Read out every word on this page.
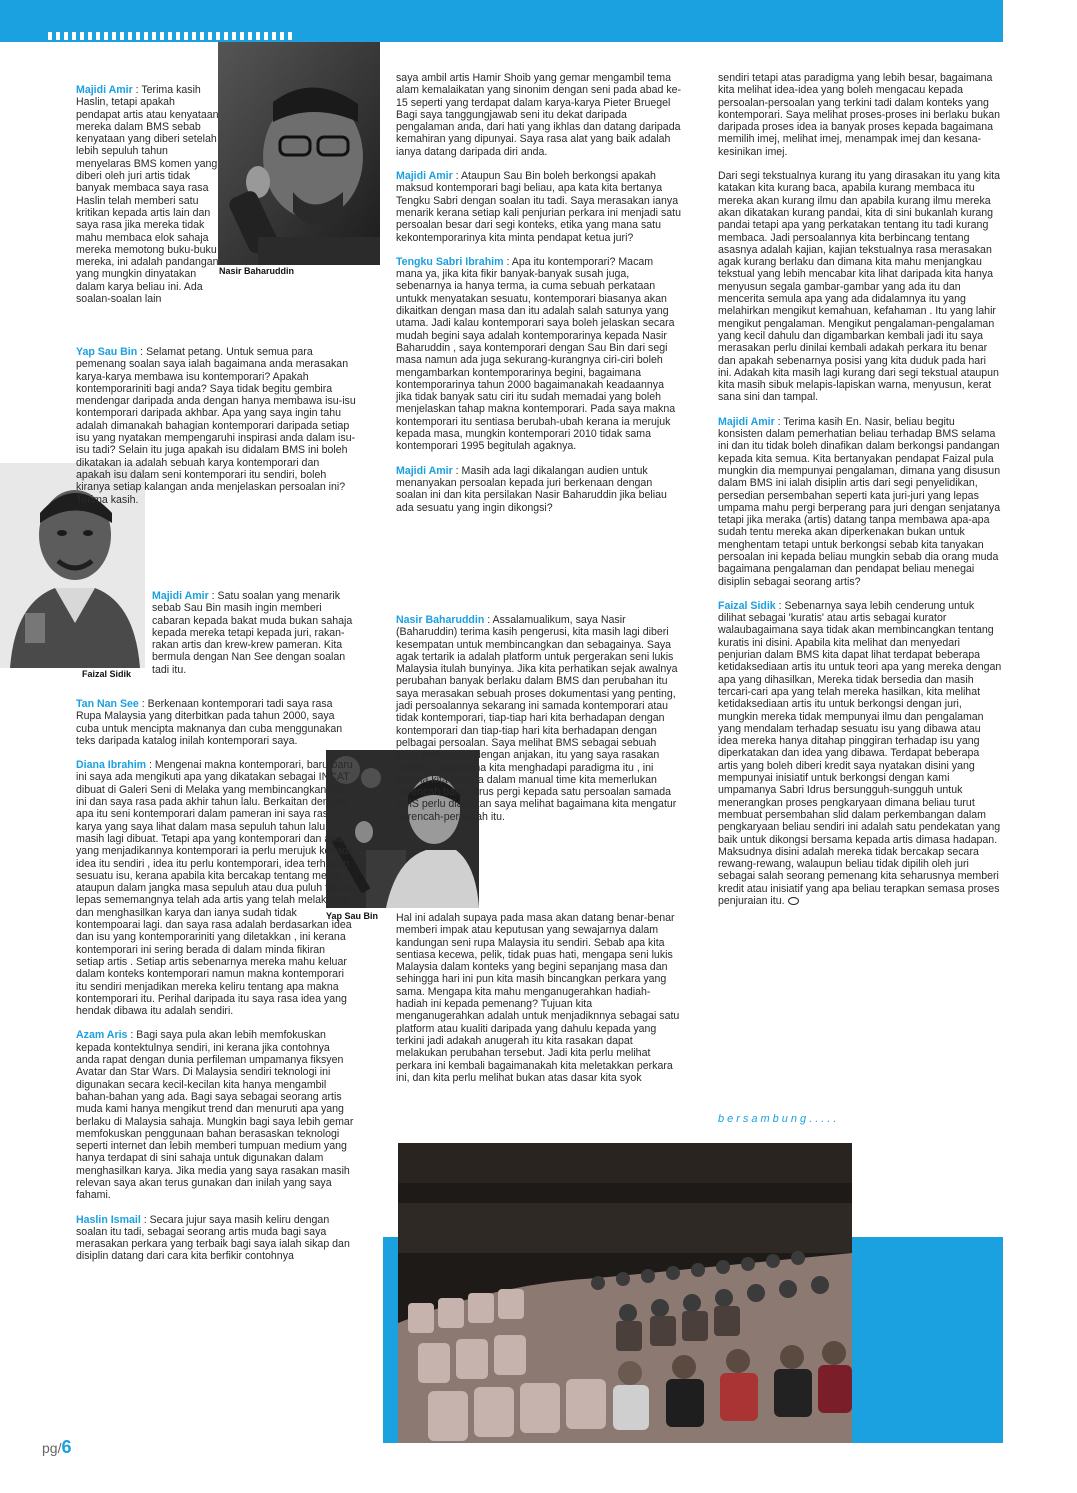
Nasir Baharuddin
Faizal Sidik
Yap Sau Bin

Majidi Amir : Terima kasih Haslin, tetapi apakah pendapat artis atau kenyataan mereka dalam BMS sebab kenyataan yang diberi setelah lebih sepuluh tahun menyelaras BMS komen yang diberi oleh juri artis tidak banyak membaca saya rasa Haslin telah memberi satu kritikan kepada artis lain dan saya rasa jika mereka tidak mahu membaca elok sahaja mereka memotong buku-buku mereka, ini adalah pandangan yang mungkin dinyatakan dalam karya beliau ini. Ada soalan-soalan lain

Yap Sau Bin : Selamat petang. Untuk semua para pemenang soalan saya ialah bagaimana anda merasakan karya-karya membawa isu kontemporari? Apakah kontemporariniti bagi anda? Saya tidak begitu gembira mendengar daripada anda dengan hanya membawa isu-isu kontemporari daripada akhbar. Apa yang saya ingin tahu adalah dimanakah bahagian kontemporari daripada setiap isu yang nyatakan mempengaruhi inspirasi anda dalam isu-isu tadi? Selain itu juga apakah isu didalam BMS ini boleh dikatakan ia adalah sebuah karya kontemporari dan apakah isu dalam seni kontemporari itu sendiri, boleh kiranya setiap kalangan anda menjelaskan persoalan ini? Terima kasih.

Majidi Amir : Satu soalan yang menarik sebab Sau Bin masih ingin memberi cabaran kepada bakat muda bukan sahaja kepada mereka tetapi kepada juri, rakan-rakan artis dan krew-krew pameran. Kita bermula dengan Nan See dengan soalan tadi itu.

Tan Nan See : Berkenaan kontemporari tadi saya rasa Rupa Malaysia yang diterbitkan pada tahun 2000, saya cuba untuk mencipta maknanya dan cuba menggunakan teks daripada katalog inilah kontemporari saya.

Diana Ibrahim : Mengenai makna kontemporari, baru-baru ini saya ada mengikuti apa yang dikatakan sebagai INCAT dibuat di Galeri Seni di Melaka yang membincangkan hal ini dan saya rasa pada akhir tahun lalu. Berkaitan dengan apa itu seni kontemporari dalam pameran ini saya rasa karya yang saya lihat dalam masa sepuluh tahun lalu masih lagi dibuat. Tetapi apa yang kontemporari dan apa yang menjadikannya kontemporari ia perlu merujuk kepada idea itu sendiri , idea itu perlu kontemporari, idea terhadap sesuatu isu, kerana apabila kita bercakap tentang media ataupun dalam jangka masa sepuluh atau dua puluh tahun lepas sememangnya telah ada artis yang telah melakukan dan menghasilkan karya dan ianya sudah tidak kontempoarai lagi. dan saya rasa adalah berdasarkan idea dan isu yang kontemporariniti yang diletakkan , ini kerana kontemporari ini sering berada di dalam minda fikiran setiap artis . Setiap artis sebenarnya mereka mahu keluar dalam konteks kontemporari namun makna kontemporari itu sendiri menjadikan mereka keliru tentang apa makna kontemporari itu. Perihal daripada itu saya rasa idea yang hendak dibawa itu adalah sendiri.

Azam Aris : Bagi saya pula akan lebih memfokuskan kepada kontektulnya sendiri, ini kerana jika contohnya anda rapat dengan dunia perfileman umpamanya fiksyen Avatar dan Star Wars. Di Malaysia sendiri teknologi ini digunakan secara kecil-kecilan kita hanya mengambil bahan-bahan yang ada. Bagi saya sebagai seorang artis muda kami hanya mengikut trend dan menuruti apa yang berlaku di Malaysia sahaja. Mungkin bagi saya lebih gemar memfokuskan penggunaan bahan berasaskan teknologi seperti internet dan lebih memberi tumpuan medium yang hanya terdapat di sini sahaja untuk digunakan dalam menghasilkan karya. Jika media yang saya rasakan masih relevan saya akan terus gunakan dan inilah yang saya fahami.

Haslin Ismail : Secara jujur saya masih keliru dengan soalan itu tadi, sebagai seorang artis muda bagi saya merasakan perkara yang terbaik bagi saya ialah sikap dan disiplin datang dari cara kita berfikir contohnya

saya ambil artis Hamir Shoib yang gemar mengambil tema alam kemalaikatan yang sinonim dengan seni pada abad ke-15 seperti yang terdapat dalam karya-karya Pieter Bruegel Bagi saya tanggungjawab seni itu dekat daripada pengalaman anda, dari hati yang ikhlas dan datang daripada kemahiran yang dipunyai. Saya rasa alat yang baik adalah ianya datang daripada diri anda.

Majidi Amir : Ataupun Sau Bin boleh berkongsi apakah maksud kontemporari bagi beliau, apa kata kita bertanya Tengku Sabri dengan soalan itu tadi. Saya merasakan ianya menarik kerana setiap kali penjurian perkara ini menjadi satu persoalan besar dari segi konteks, etika yang mana satu kekontemporarinya kita minta pendapat ketua juri?

Tengku Sabri Ibrahim : Apa itu kontemporari? Macam mana ya, jika kita fikir banyak-banyak susah juga, sebenarnya ia hanya terma, ia cuma sebuah perkataan untukk menyatakan sesuatu, kontemporari biasanya akan dikaitkan dengan masa dan itu adalah salah satunya yang utama. Jadi kalau kontemporari saya boleh jelaskan secara mudah begini saya adalah kontemporarinya kepada Nasir Baharuddin , saya kontemporari dengan Sau Bin dari segi masa namun ada juga sekurang-kurangnya ciri-ciri boleh mengambarkan kontemporarinya begini, bagaimana kontemporarinya tahun 2000 bagaimanakah keadaannya jika tidak banyak satu ciri itu sudah memadai yang boleh menjelaskan tahap makna kontemporari. Pada saya makna kontemporari itu sentiasa berubah-ubah kerana ia merujuk kepada masa, mungkin kontemporari 2010 tidak sama kontemporari 1995 begitulah agaknya.

Majidi Amir : Masih ada lagi dikalangan audien untuk menanyakan persoalan kepada juri berkenaan dengan soalan ini dan kita persilakan Nasir Baharuddin jika beliau ada sesuatu yang ingin dikongsi?

Nasir Baharuddin : Assalamualikum, saya Nasir (Baharuddin) terima kasih pengerusi, kita masih lagi diberi kesempatan untuk membincangkan dan sebagainya. Saya agak tertarik ia adalah platform untuk pergerakan seni lukis Malaysia itulah bunyinya. Jika kita perhatikan sejak awalnya perubahan banyak berlaku dalam BMS dan perubahan itu saya merasakan sebuah proses dokumentasi yang penting, jadi persoalannya sekarang ini samada kontemporari atau tidak kontemporari, tiap-tiap hari kita berhadapan dengan kontemporari dan tiap-tiap hari kita berhadapan dengan pelbagai persoalan. Saya melihat BMS sebagai sebuah yang berkenaan dengan anjakan, itu yang saya rasakan penting bagaimana kita menghadapi paradigma itu , ini kerana kita berada dalam manual time kita memerlukan perencah baru harus pergi kepada satu persoalan samada BMS perlu diadakan saya melihat bagaimana kita mengatur perencah-perencah itu.

Hal ini adalah supaya pada masa akan datang benar-benar memberi impak atau keputusan yang sewajarnya dalam kandungan seni rupa Malaysia itu sendiri. Sebab apa kita sentiasa kecewa, pelik, tidak puas hati, mengapa seni lukis Malaysia dalam konteks yang begini sepanjang masa dan sehingga hari ini pun kita masih bincangkan perkara yang sama. Mengapa kita mahu menganugerahkan hadiah-hadiah ini kepada pemenang? Tujuan kita menganugerahkan adalah untuk menjadiknnya sebagai satu platform atau kualiti daripada yang dahulu kepada yang terkini jadi adakah anugerah itu kita rasakan dapat melakukan perubahan tersebut. Jadi kita perlu melihat perkara ini kembali bagaimanakah kita meletakkan perkara ini, dan kita perlu melihat bukan atas dasar kita syok

sendiri tetapi atas paradigma yang lebih besar, bagaimana kita melihat idea-idea yang boleh mengacau kepada persoalan-persoalan yang terkini tadi dalam konteks yang kontemporari. Saya melihat proses-proses ini berlaku bukan daripada proses idea ia banyak proses kepada bagaimana memilih imej, melihat imej, menampak imej dan kesana-kesinikan imej.

Dari segi tekstualnya kurang itu yang dirasakan itu yang kita katakan kita kurang baca, apabila kurang membaca itu mereka akan kurang ilmu dan apabila kurang ilmu mereka akan dikatakan kurang pandai, kita di sini bukanlah kurang pandai tetapi apa yang perkatakan tentang itu tadi kurang membaca. Jadi persoalannya kita berbincang tentang asasnya adalah kajian, kajian tekstualnya rasa merasakan agak kurang berlaku dan dimana kita mahu menjangkau tekstual yang lebih mencabar kita lihat daripada kita hanya menyusun segala gambar-gambar yang ada itu dan mencerita semula apa yang ada didalamnya itu yang melahirkan mengikut kemahuan, kefahaman . Itu yang lahir mengikut pengalaman. Mengikut pengalaman-pengalaman yang kecil dahulu dan digambarkan kembali jadi itu saya merasakan perlu dinilai kembali adakah perkara itu benar dan apakah sebenarnya posisi yang kita duduk pada hari ini. Adakah kita masih lagi kurang dari segi tekstual ataupun kita masih sibuk melapis-lapiskan warna, menyusun, kerat sana sini dan tampal.

Majidi Amir : Terima kasih En. Nasir, beliau begitu konsisten dalam pemerhatian beliau terhadap BMS selama ini dan itu tidak boleh dinafikan dalam berkongsi pandangan kepada kita semua. Kita bertanyakan pendapat Faizal pula mungkin dia mempunyai pengalaman, dimana yang disusun dalam BMS ini ialah disiplin artis dari segi penyelidikan, persedian persembahan seperti kata juri-juri yang lepas umpama mahu pergi berperang para juri dengan senjatanya tetapi jika meraka (artis) datang tanpa membawa apa-apa sudah tentu mereka akan diperkenakan bukan untuk menghentam tetapi untuk berkongsi sebab kita tanyakan persoalan ini kepada beliau mungkin sebab dia orang muda bagaimana pengalaman dan pendapat beliau menegai disiplin sebagai seorang artis?

Faizal Sidik : Sebenarnya saya lebih cenderung untuk dilihat sebagai 'kuratis' atau artis sebagai kurator walaubagaimana saya tidak akan membincangkan tentang kuratis ini disini. Apabila kita melihat dan menyedari penjurian dalam BMS kita dapat lihat terdapat beberapa ketidaksediaan artis itu untuk teori apa yang mereka dengan apa yang dihasilkan, Mereka tidak bersedia dan masih tercari-cari apa yang telah mereka hasilkan, kita melihat ketidaksediaan artis itu untuk berkongsi dengan juri, mungkin mereka tidak mempunyai ilmu dan pengalaman yang mendalam terhadap sesuatu isu yang dibawa atau idea mereka hanya ditahap pinggiran terhadap isu yang diperkatakan dan idea yang dibawa. Terdapat beberapa artis yang boleh diberi kredit saya nyatakan disini yang mempunyai inisiatif untuk berkongsi dengan kami umpamanya Sabri Idrus bersungguh-sungguh untuk menerangkan proses pengkaryaan dimana beliau turut membuat persembahan slid dalam perkembangan dalam pengkaryaan beliau sendiri ini adalah satu pendekatan yang baik untuk dikongsi bersama kepada artis dimasa hadapan. Maksudnya disini adalah mereka tidak bercakap secara rewang-rewang, walaupun beliau tidak dipilih oleh juri sebagai salah seorang pemenang kita seharusnya memberi kredit atau inisiatif yang apa beliau terapkan semasa proses penjuraian itu.

bersambung.....
pg/6
